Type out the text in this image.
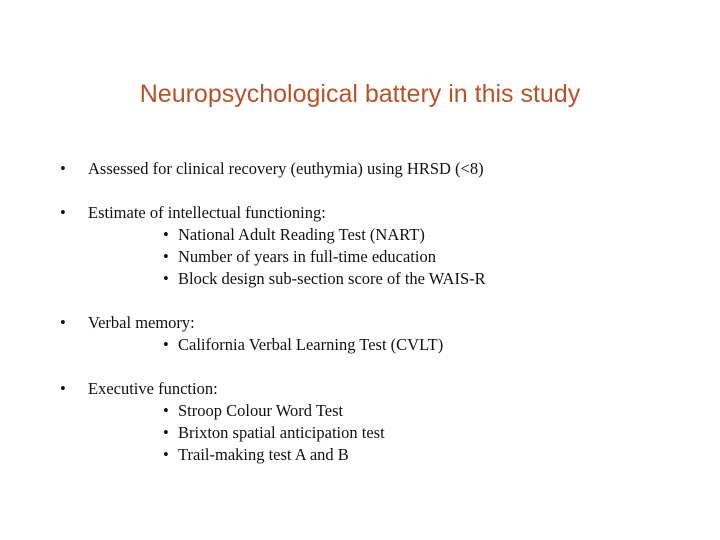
Neuropsychological battery in this study
• Assessed for clinical recovery (euthymia) using HRSD (<8)
• Estimate of intellectual functioning:
• National Adult Reading Test (NART)
• Number of years in full-time education
• Block design sub-section score of the WAIS-R
• Verbal memory:
• California Verbal Learning Test (CVLT)
• Executive function:
• Stroop Colour Word Test
• Brixton spatial anticipation test
• Trail-making test A and B
